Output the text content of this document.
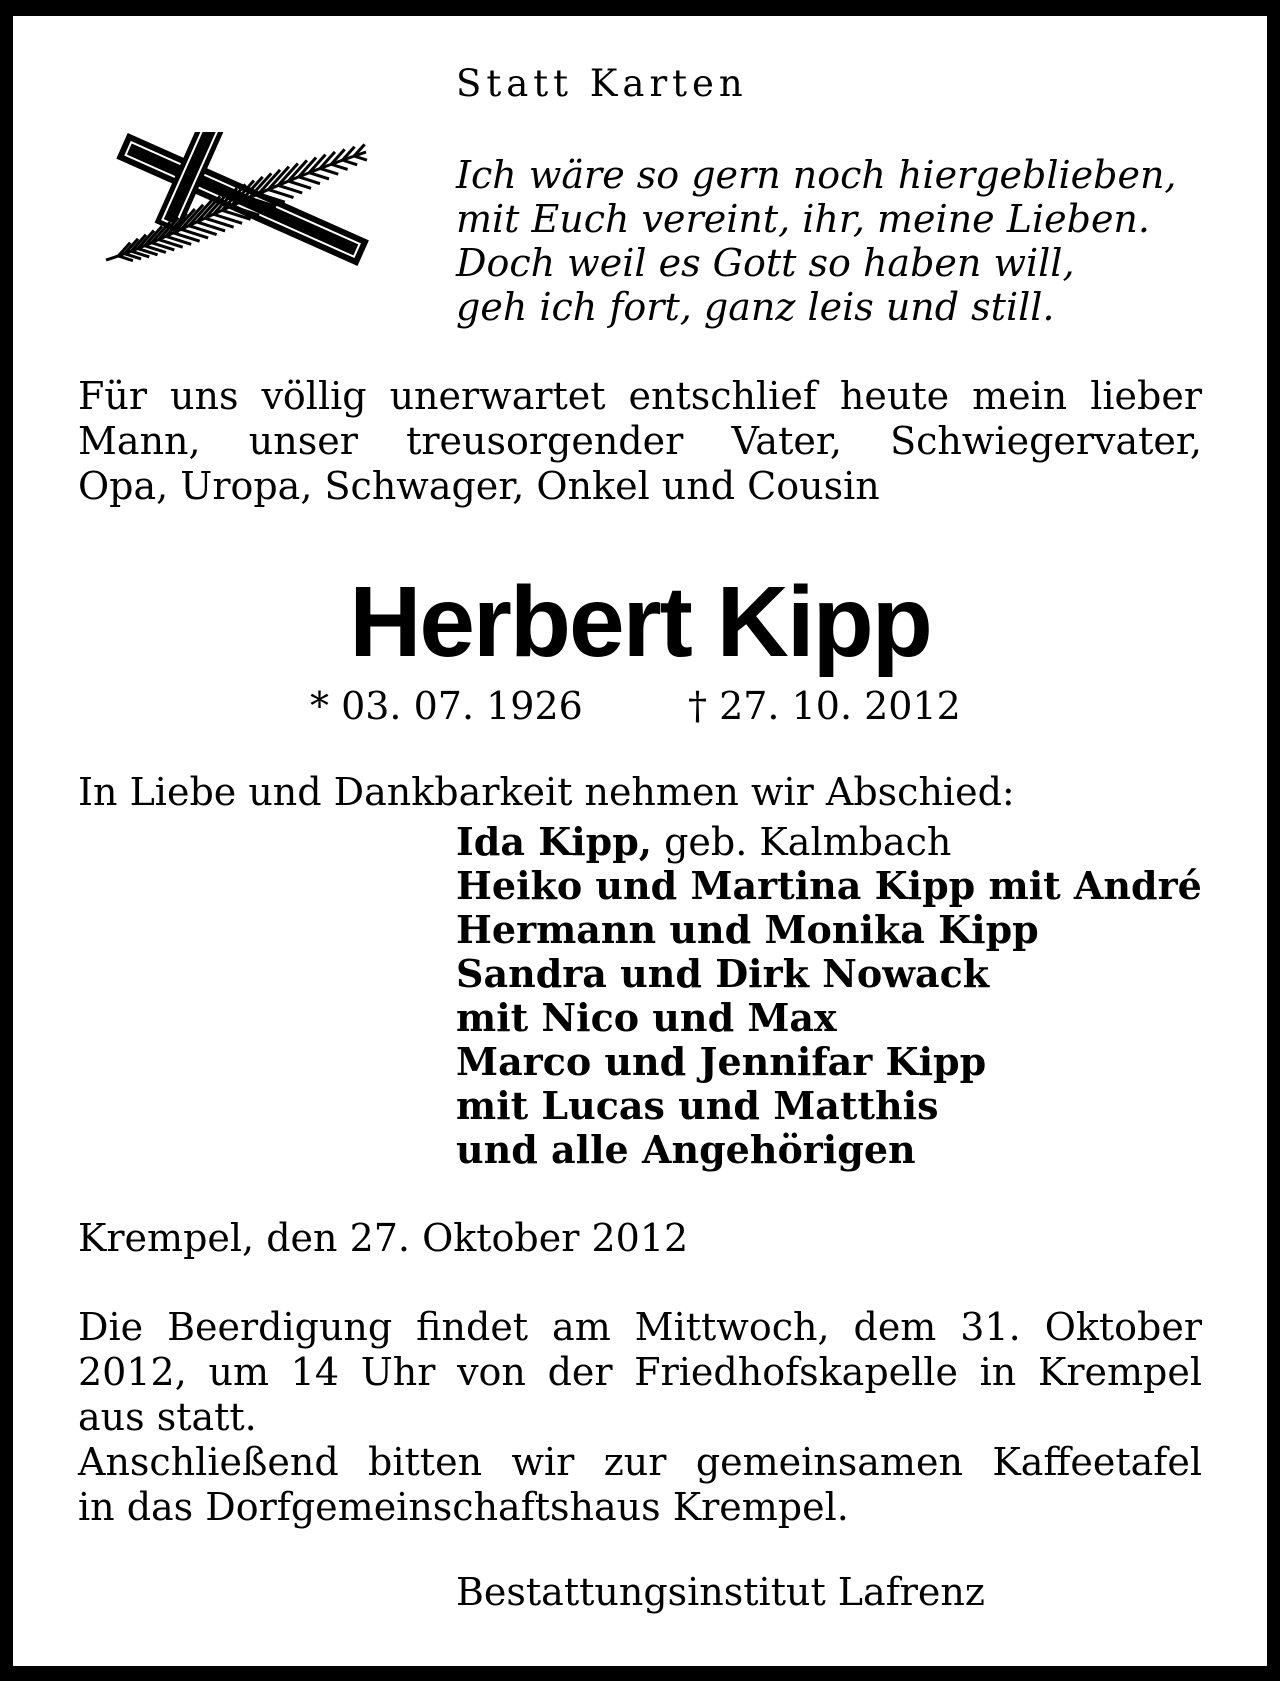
Statt Karten
Ich wäre so gern noch hiergeblieben,
mit Euch vereint, ihr, meine Lieben.
Doch weil es Gott so haben will,
geh ich fort, ganz leis und still.
Für uns völlig unerwartet entschlief heute mein lieber
Mann, unser treusorgender Vater, Schwiegervater,
Opa, Uropa, Schwager, Onkel und Cousin
Herbert Kipp
* 03. 07. 1926	† 27. 10. 2012
In Liebe und Dankbarkeit nehmen wir Abschied:
Ida Kipp, geb. Kalmbach
Heiko und Martina Kipp mit André
Hermann und Monika Kipp
Sandra und Dirk Nowack
mit Nico und Max
Marco und Jennifar Kipp
mit Lucas und Matthis
und alle Angehörigen
Krempel, den 27. Oktober 2012
Die Beerdigung findet am Mittwoch, dem 31. Oktober
2012, um 14 Uhr von der Friedhofskapelle in Krempel
aus statt.
Anschließend bitten wir zur gemeinsamen Kaffeetafel
in das Dorfgemeinschaftshaus Krempel.
Bestattungsinstitut Lafrenz
